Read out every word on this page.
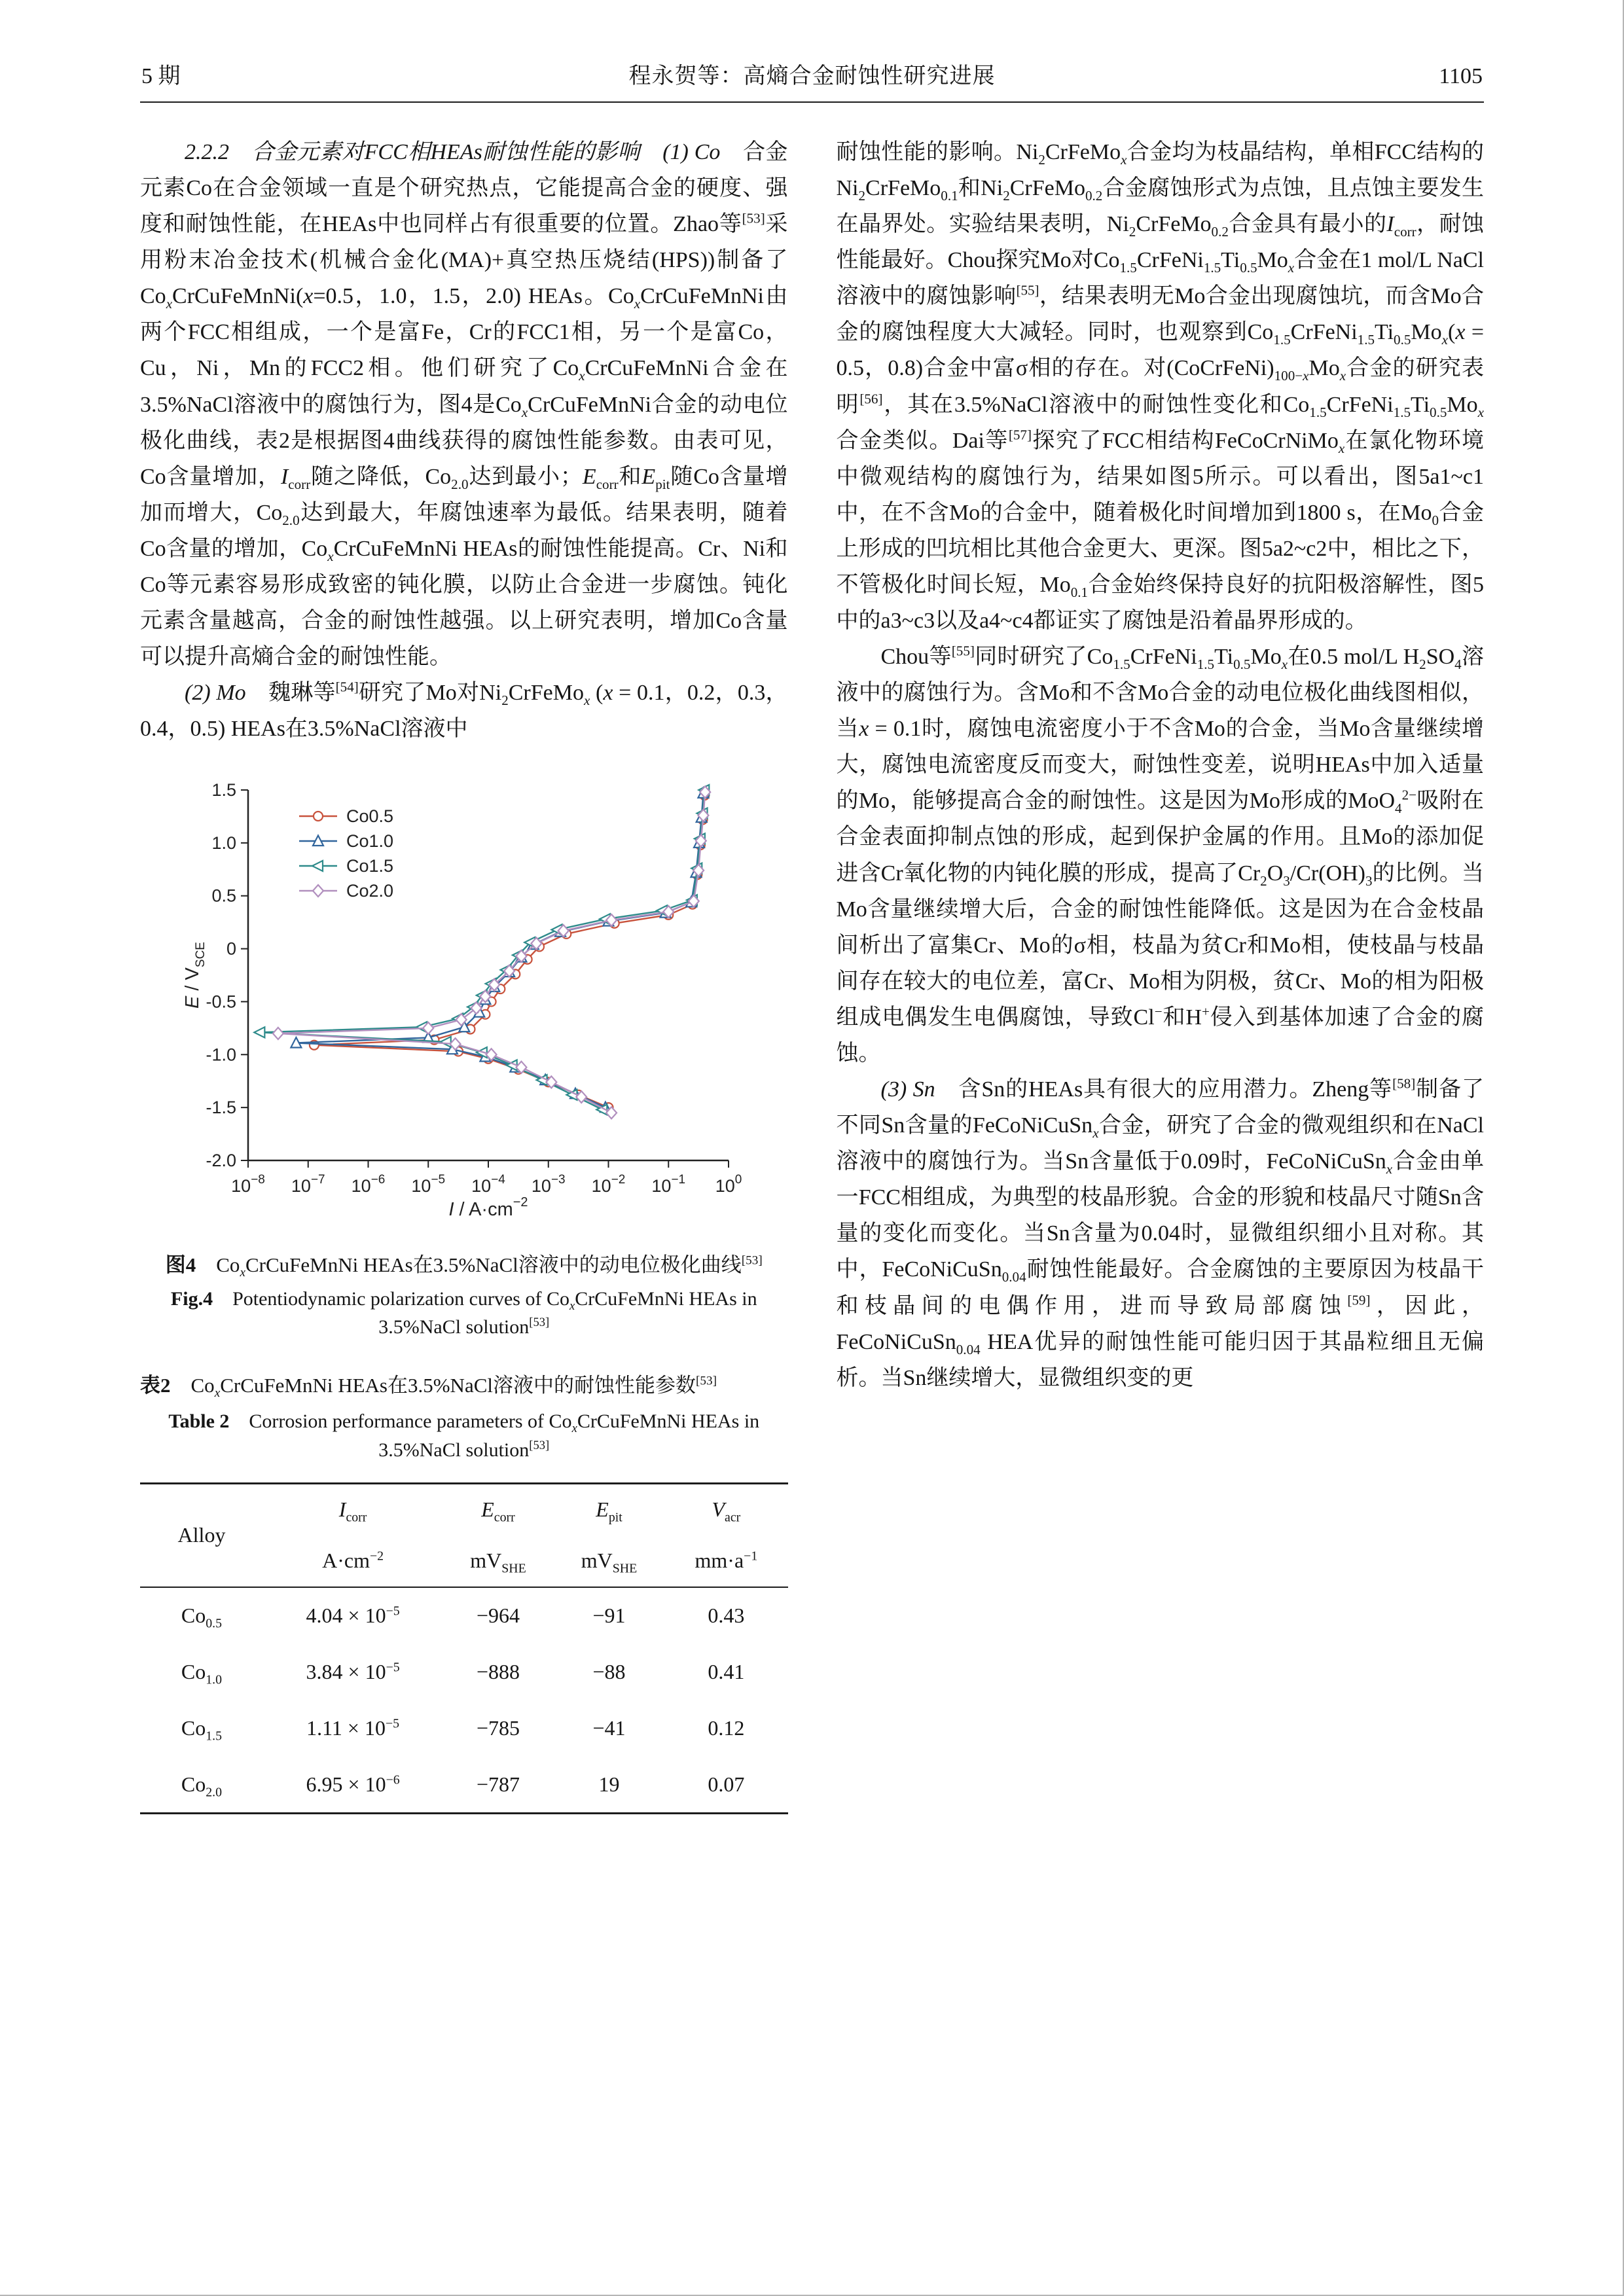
5 期	程永贺等：高熵合金耐蚀性研究进展	1105

2.2.2　 合金元素对FCC相HEAs耐蚀性能的影响　 (1) Co　合金元素Co在合金领域一直是个研究热点，它能提高合金的硬度、强度和耐蚀性能，在HEAs中也同样占有很重要的位置。Zhao等[53]采用粉末冶金技术(机械合金化(MA)+真空热压烧结(HPS))制备了$Co_xCrCuFeMnNi(x=0.5$，1.0，1.5，2.0) HEAs。$Co_xCrCuFeMnNi$由两个FCC相组成，一个是富Fe，Cr的FCC1相，另一个是富Co，Cu，Ni，Mn的FCC2相。他们研究了$Co_xCrCuFeMnNi$合金在3.5%NaCl溶液中的腐蚀行为，图4是$Co_xCrCuFeMnNi$合金的动电位极化曲线，表2是根据图4曲线获得的腐蚀性能参数。由表可见，Co含量增加，$I_{corr}$随之降低，$Co_{2.0}$达到最小；$E_{corr}$和$E_{pit}$随Co含量增加而增大，$Co_{2.0}$达到最大，年腐蚀速率为最低。结果表明，随着Co含量的增加，$Co_xCrCuFeMnNi$ HEAs的耐蚀性能提高。Cr、Ni和Co等元素容易形成致密的钝化膜，以防止合金进一步腐蚀。钝化元素含量越高，合金的耐蚀性越强。以上研究表明，增加Co含量可以提升高熵合金的耐蚀性能。

(2) Mo　魏琳等[54]研究了Mo对$Ni_2CrFeMo_x$ (x = 0.1，0.2，0.3，0.4，0.5) HEAs在3.5%NaCl溶液中

1.5
1.0
0.5
0
-0.5
-1.0
-1.5
-2.0
$10^{-8}$ $10^{-7}$ $10^{-6}$ $10^{-5}$ $10^{-4}$ $10^{-3}$ $10^{-2}$ $10^{-1}$ $10^0$
$I / A\cdot cm^{-2}$
E / $V_{SCE}$
Co0.5
Co1.0
Co1.5
Co2.0
图4　$Co_xCrCuFeMnNi$ HEAs在3.5%NaCl溶液中的动电位极化曲线[53]
Fig.4　Potentiodynamic polarization curves of $Co_xCrCuFeMnNi$ HEAs in 3.5%NaCl solution[53]
表2　$Co_xCrCuFeMnNi$ HEAs在3.5%NaCl溶液中的耐蚀性能参数[53]
Table 2　Corrosion performance parameters of $Co_xCrCuFeMnNi$ HEAs in 3.5%NaCl solution[53]
Alloy	$I_{corr}$	$E_{corr}$	$E_{pit}$	$V_{acr}$
	$A\cdot cm^{-2}$	$mV_{SHE}$	$mV_{SHE}$	$mm\cdot a^{-1}$
$Co_{0.5}$	$4.04 \times 10^{-5}$	−964	−91	0.43
$Co_{1.0}$	$3.84 \times 10^{-5}$	−888	−88	0.41
$Co_{1.5}$	$1.11 \times 10^{-5}$	−785	−41	0.12
$Co_{2.0}$	$6.95 \times 10^{-6}$	−787	19	0.07

耐蚀性能的影响。$Ni_2CrFeMo_x$合金均为枝晶结构，单相FCC结构的$Ni_2CrFeMo_{0.1}$和$Ni_2CrFeMo_{0.2}$合金腐蚀形式为点蚀，且点蚀主要发生在晶界处。实验结果表明，$Ni_2CrFeMo_{0.2}$合金具有最小的$I_{corr}$，耐蚀性能最好。Chou探究Mo对$Co_{1.5}CrFeNi_{1.5}Ti_{0.5}Mo_x$合金在1 mol/L NaCl溶液中的腐蚀影响[55]，结果表明无Mo合金出现腐蚀坑，而含Mo合金的腐蚀程度大大减轻。同时，也观察到$Co_{1.5}CrFeNi_{1.5}Ti_{0.5}Mo_x(x = 0.5$，0.8)合金中富σ相的存在。对$(CoCrFeNi)_{100-x}Mo_x$合金的研究表明[56]，其在3.5%NaCl溶液中的耐蚀性变化和$Co_{1.5}CrFeNi_{1.5}Ti_{0.5}Mo_x$合金类似。Dai等[57]探究了FCC相结构FeCoCrNiMo$_x$在氯化物环境中微观结构的腐蚀行为，结果如图5所示。可以看出，图5a1~c1中，在不含Mo的合金中，随着极化时间增加到1800 s，在$Mo_0$合金上形成的凹坑相比其他合金更大、更深。图5a2~c2中，相比之下，不管极化时间长短，$Mo_{0.1}$合金始终保持良好的抗阳极溶解性，图5中的a3~c3以及a4~c4都证实了腐蚀是沿着晶界形成的。

Chou等[55]同时研究了$Co_{1.5}CrFeNi_{1.5}Ti_{0.5}Mo_x$在0.5 mol/L $H_2SO_4$溶液中的腐蚀行为。含Mo和不含Mo合金的动电位极化曲线图相似，当x = 0.1时，腐蚀电流密度小于不含Mo的合金，当Mo含量继续增大，腐蚀电流密度反而变大，耐蚀性变差，说明HEAs中加入适量的Mo，能够提高合金的耐蚀性。这是因为Mo形成的MoO$_4^{2-}$吸附在合金表面抑制点蚀的形成，起到保护金属的作用。且Mo的添加促进含Cr氧化物的内钝化膜的形成，提高了$Cr_2O_3/Cr(OH)_3$的比例。当Mo含量继续增大后，合金的耐蚀性能降低。这是因为在合金枝晶间析出了富集Cr、Mo的σ相，枝晶为贫Cr和Mo相，使枝晶与枝晶间存在较大的电位差，富Cr、Mo相为阴极，贫Cr、Mo的相为阳极组成电偶发生电偶腐蚀，导致Cl−和H+侵入到基体加速了合金的腐蚀。

(3) Sn　含Sn的HEAs具有很大的应用潜力。Zheng等[58]制备了不同Sn含量的FeCoNiCuSn$_x$合金，研究了合金的微观组织和在NaCl溶液中的腐蚀行为。当Sn含量低于0.09时，FeCoNiCuSn$_x$合金由单一FCC相组成，为典型的枝晶形貌。合金的形貌和枝晶尺寸随Sn含量的变化而变化。当Sn含量为0.04时，显微组织细小且对称。其中，FeCoNiCuSn$_{0.04}$耐蚀性能最好。合金腐蚀的主要原因为枝晶干和枝晶间的电偶作用，进而导致局部腐蚀[59]，因此，FeCoNiCuSn$_{0.04}$ HEA优异的耐蚀性能可能归因于其晶粒细且无偏析。当Sn继续增大，显微组织变的更
